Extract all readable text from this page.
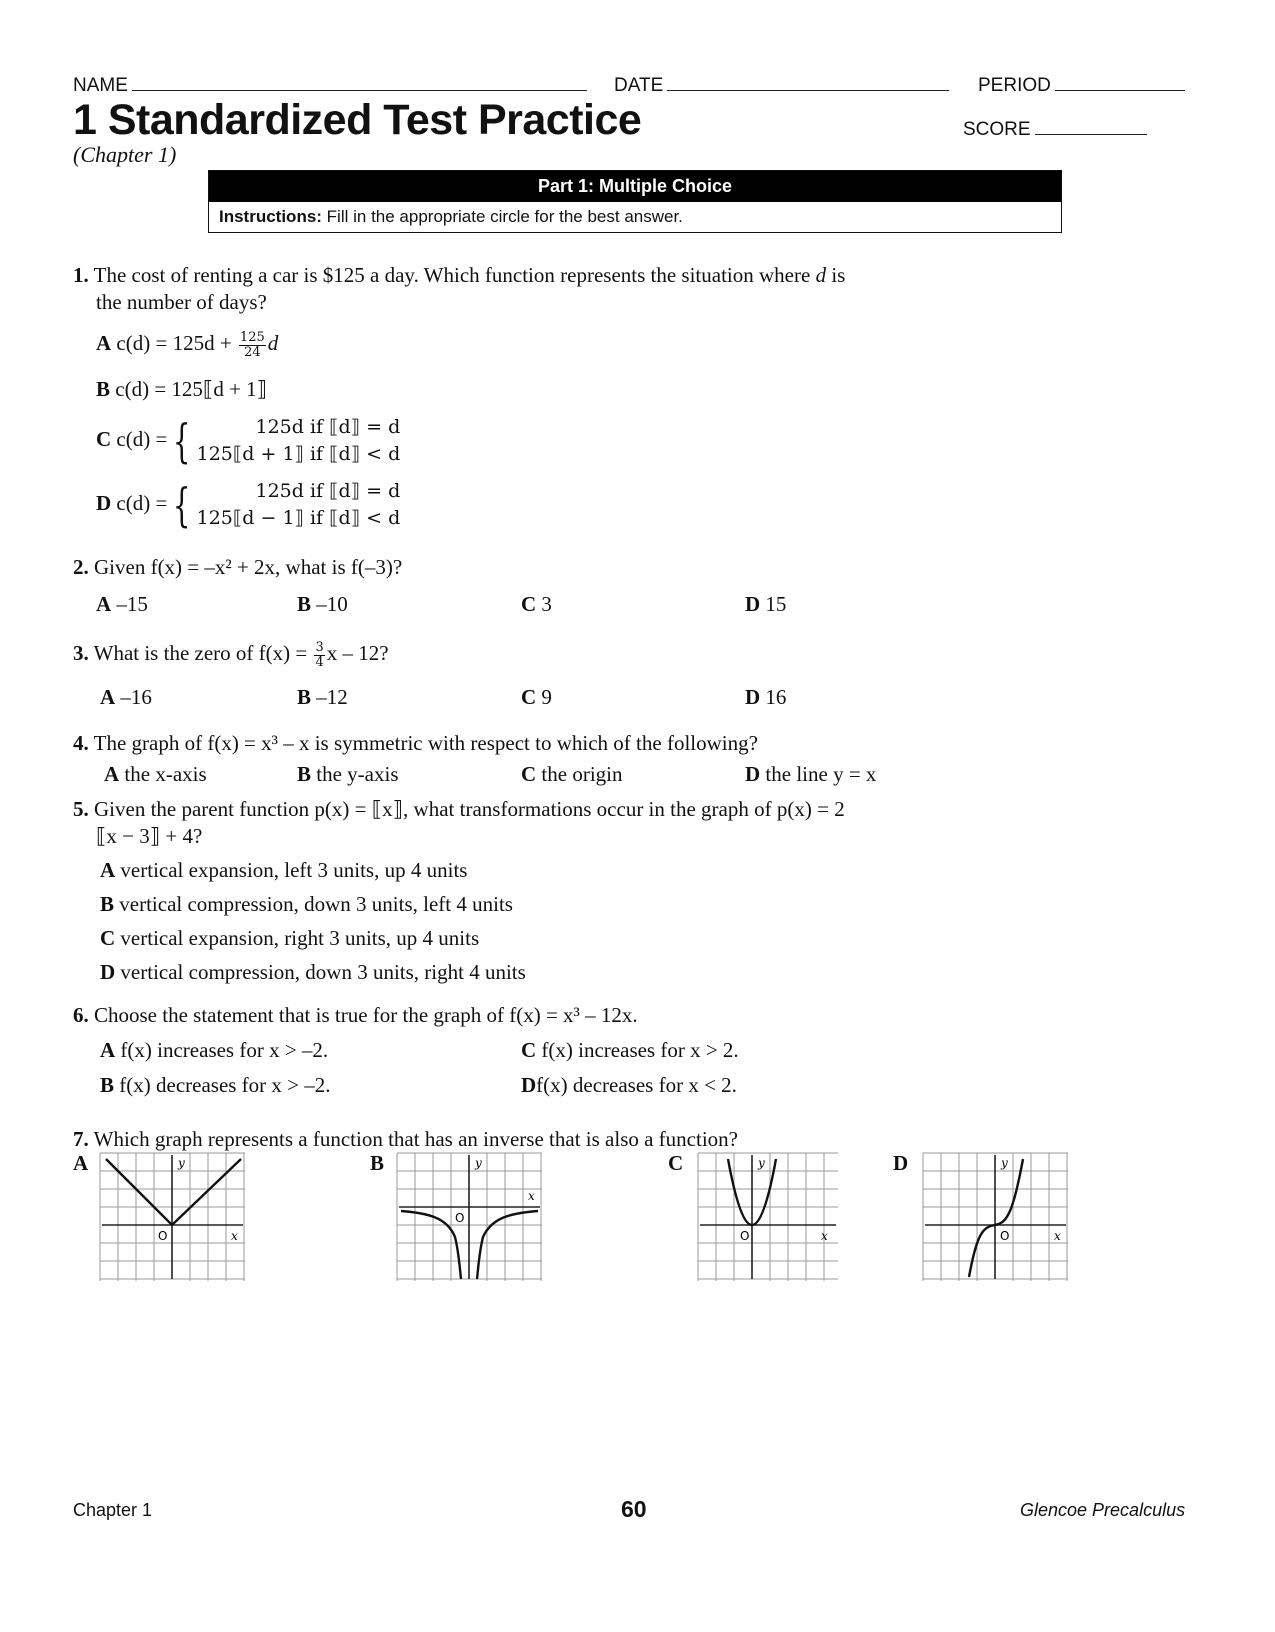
NAME	DATE	PERIOD
1 Standardized Test Practice
(Chapter 1)
SCORE
Part 1: Multiple Choice
Instructions: Fill in the appropriate circle for the best answer.
1. The cost of renting a car is $125 a day. Which function represents the situation where d is
the number of days?
A $c(d) = 125d + \frac{125}{24}$ d
B c(d) = 125⟦d + 1⟧
C c(d) = {	125d if ⟦d⟧ = d
125⟦d + 1⟧ if ⟦d⟧ < d
D c(d) = {	125d if ⟦d⟧ = d
125⟦d − 1⟧ if ⟦d⟧ < d
2. Given f(x) = –x² + 2x, what is f(–3)?
A –15	B –10	C 3	D 15
3. What is the zero of $f(x) = \frac{3}{4}$ x – 12?
A –16	B –12	C 9	D 16
4. The graph of f(x) = x³ – x is symmetric with respect to which of the following?
A the x-axis	B the y-axis	C the origin	D the line y = x
5. Given the parent function p(x) = ⟦x⟧, what transformations occur in the graph of p(x) = 2
⟦x − 3⟧ + 4?
A vertical expansion, left 3 units, up 4 units
B vertical compression, down 3 units, left 4 units
C vertical expansion, right 3 units, up 4 units
D vertical compression, down 3 units, right 4 units
6. Choose the statement that is true for the graph of f(x) = x³ – 12x.
A f(x) increases for x > –2.
B f(x) decreases for x > –2.
C f(x) increases for x > 2.
Df(x) decreases for x < 2.
7. Which graph represents a function that has an inverse that is also a function?
A	B	C	D
y
x
O
y
x
O
y
x
O
y
x
O
Chapter 1	60	Glencoe Precalculus
